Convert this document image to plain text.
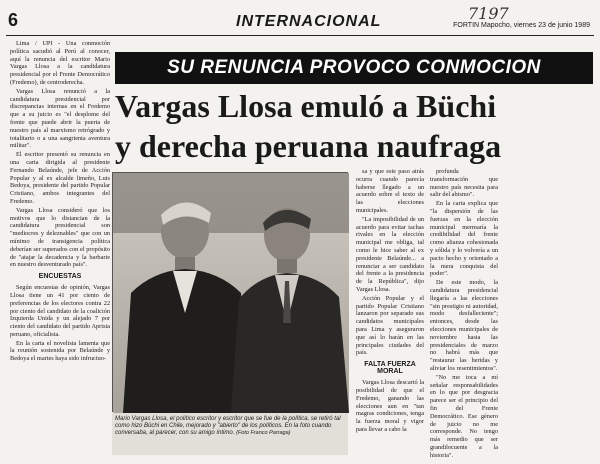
6	INTERNACIONAL	7197
FORTIN Mapocho, viernes 23 de junio 1989
SU RENUNCIA PROVOCO CONMOCION
Vargas Llosa emuló a Büchi
y derecha peruana naufraga

Lima / UPI - Una conmoción política sacudió al Perú al conocer, aquí la renuncia del escritor Mario Vargas Llosa a la candidatura presidencial por el Frente Democrático (Fredemo), de centroderecha.

Vargas Llosa renunció a la candidatura presidencial por discrepancias internas en el Fredemo que a su juicio es "el desplome del frente que puede abrir la puerta de nuestro país al marxismo retrógrado y totalitario o a una sangrienta aventura militar".

El escritor presentó su renuncia en una carta dirigida al presidente Fernando Belaúnde, jefe de Acción Popular y al ex alcalde limeño, Luis Bedoya, presidente del partido Popular Cristiano, ambos integrantes del Fredemo.

Vargas Llosa consideró que los motivos que lo distancian de la candidatura presidencial son "mediocres y deleznables" que con un mínimo de transigencia política deberían ser superados con el propósito de "atajar la decadencia y la barbarie en nuestro desventurado país".

ENCUESTAS

Según encuestas de opinión, Vargas Llosa tiene un 41 por ciento de preferencias de los electores contra 22 por ciento del candidato de la coalición Izquierda Unida y un alejado 7 por ciento del candidato del partido Aprista peruano, oficialista.

En la carta el novelista lamenta que la reunión sostenida por Belaúnde y Bedoya el martes haya sido infructuo-

Mario Vargas Llosa, el político escritor y escritor que se fue de la política, se retiró tal como hizo Büchi en Chile, mejorado y "abierto" de los políticos. En la foto cuando conversaba, al parecer, con su amigo íntimo. (Foto Franco Parraga)

sa y que este paso atrás ocurra cuando parecía haberse llegado a un acuerdo sobre el texto de las elecciones municipales.

"La imposibilidad de un acuerdo para evitar tachas rivales en la elección municipal me obliga, tal como le hice saber al ex presidente Belaúnde... a renunciar a ser candidato del frente a la presidencia de la República", dijo Vargas Llosa.

Acción Popular y el partido Popular Cristiano lanzaron por separado sus candidatos municipales para Lima y aseguraron que así lo harán en las principales ciudades del país.

FALTA FUERZA
MORAL

Vargas Llosa descartó la posibilidad de que el Fredemo, ganando las elecciones aun en "tan magras condiciones, tenga la fuerza moral y vigor para llevar a cabo la

profunda transformación que nuestro país necesita para salir del abismo".

En la carta explica que "la dispersión de las fuerzas en la elección municipal mermaría la credibilidad del frente como alianza cohesionada y sólida y lo volvería a un pacto hecho y orientado a la mera conquista del poder".

De este modo, la candidatura presidencial llegaría a las elecciones "sin prestigio ni autoridad, modo desfalleciente"; entonces, desde las elecciones municipales de noviembre hasta las presidenciales de marzo no habrá más que "restaurar las heridas y aliviar los resentimientos".

"No me toca a mí señalar responsabilidades en lo que por desgracia parece ser el principio del fin del Frente Democrático. Ese género de juicio no me corresponde. No tengo más remedio que ser grandilocuente a la historia".
